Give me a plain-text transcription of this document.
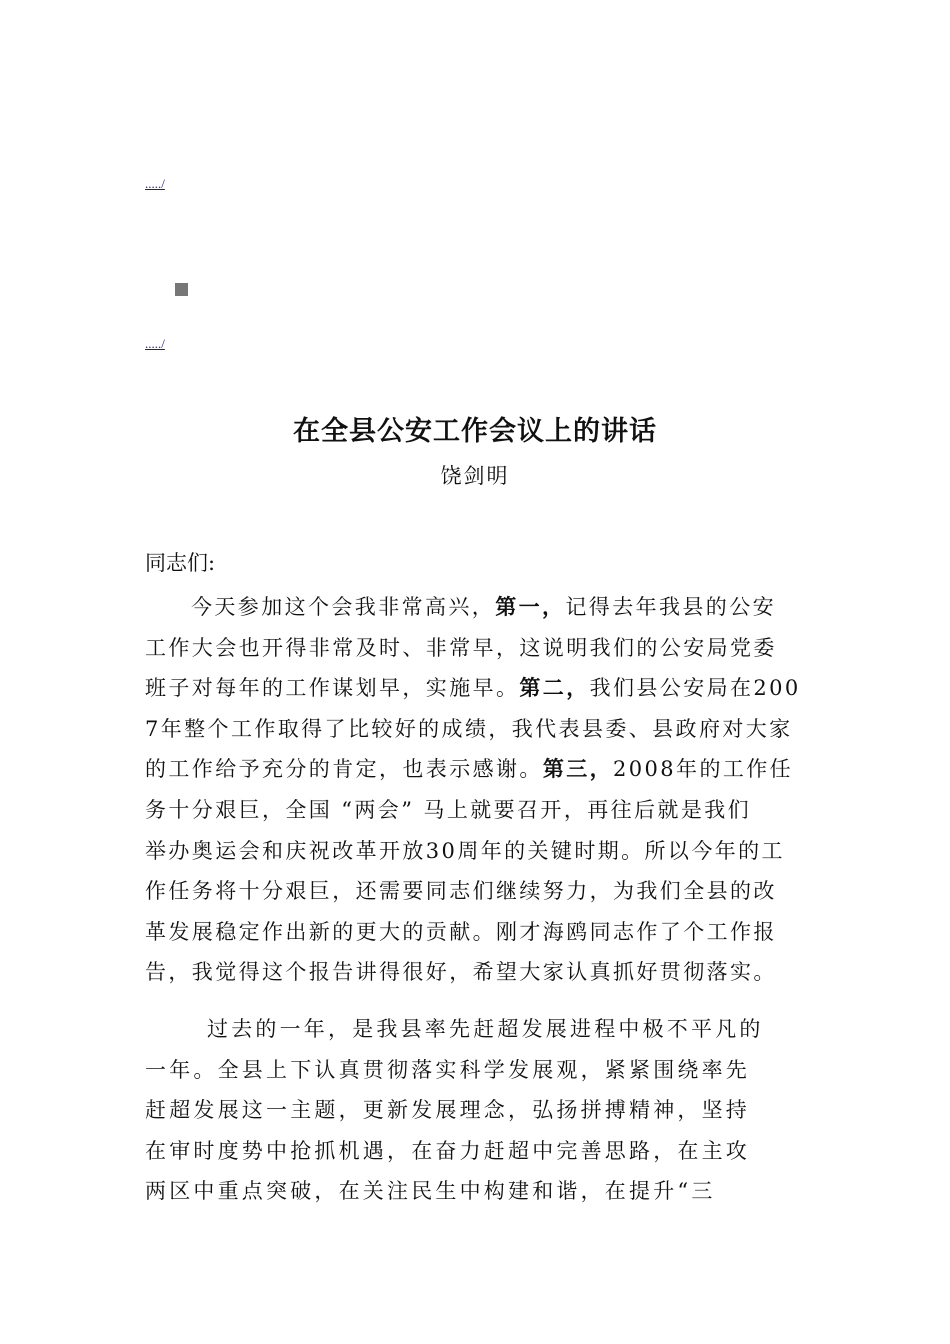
...../
...../
在全县公安工作会议上的讲话
饶剑明
同志们:
今天参加这个会我非常高兴，第一，记得去年我县的公安
工作大会也开得非常及时、非常早，这说明我们的公安局党委
班子对每年的工作谋划早，实施早。第二，我们县公安局在200
7年整个工作取得了比较好的成绩，我代表县委、县政府对大家
的工作给予充分的肯定，也表示感谢。第三，2008年的工作任
务十分艰巨，全国 “两会” 马上就要召开，再往后就是我们
举办奥运会和庆祝改革开放30周年的关键时期。所以今年的工
作任务将十分艰巨，还需要同志们继续努力，为我们全县的改
革发展稳定作出新的更大的贡献。刚才海鸥同志作了个工作报
告，我觉得这个报告讲得很好，希望大家认真抓好贯彻落实。
过去的一年，是我县率先赶超发展进程中极不平凡的
一年。全县上下认真贯彻落实科学发展观，紧紧围绕率先
赶超发展这一主题，更新发展理念，弘扬拼搏精神，坚持
在审时度势中抢抓机遇，在奋力赶超中完善思路，在主攻
两区中重点突破，在关注民生中构建和谐，在提升“三
